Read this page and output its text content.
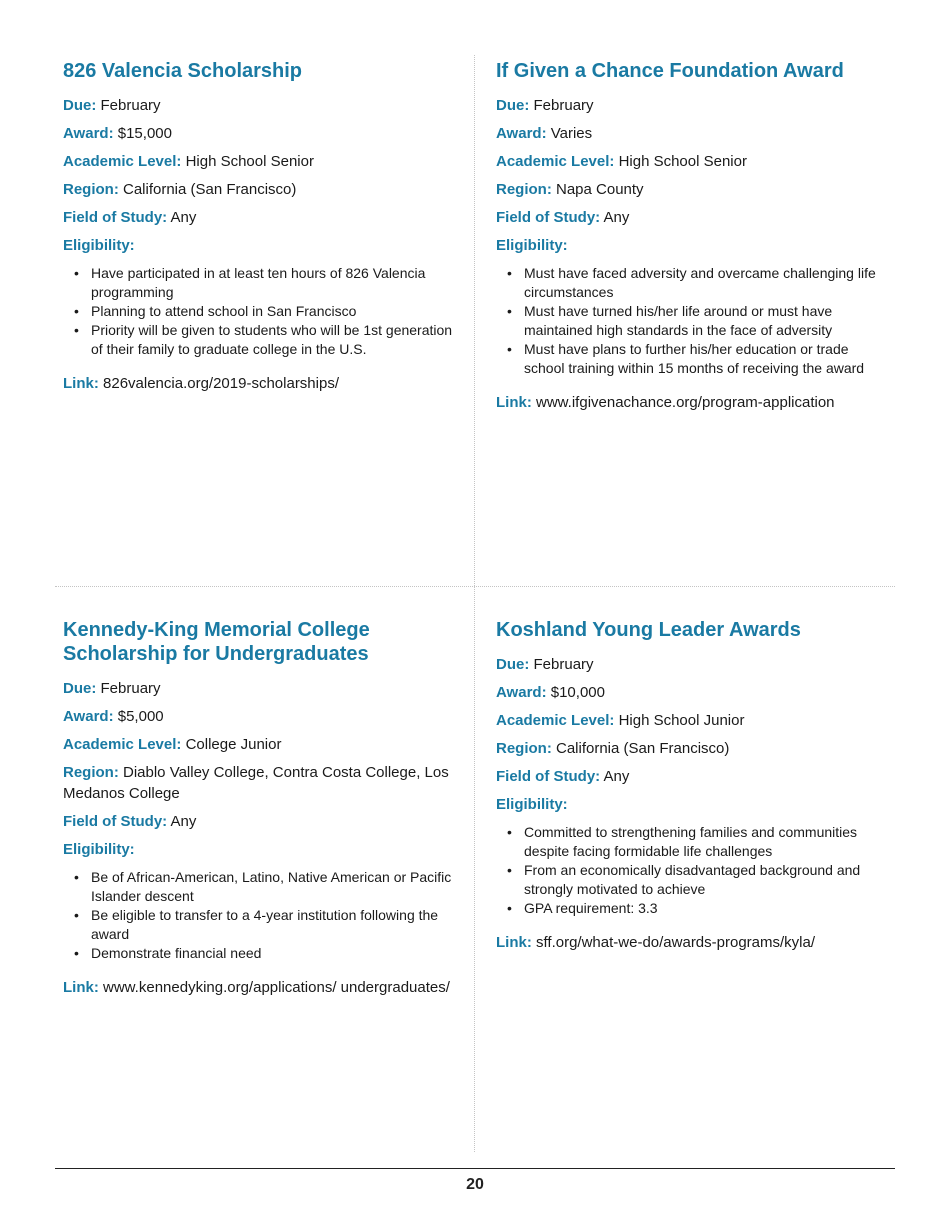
826 Valencia Scholarship

Due: February

Award: $15,000

Academic Level: High School Senior

Region: California (San Francisco)

Field of Study: Any

Eligibility:

• Have participated in at least ten hours of 826 Valencia programming
• Planning to attend school in San Francisco
• Priority will be given to students who will be 1st generation of their family to graduate college in the U.S.

Link: 826valencia.org/2019-scholarships/

If Given a Chance Foundation Award

Due: February

Award: Varies

Academic Level: High School Senior

Region: Napa County

Field of Study: Any

Eligibility:

• Must have faced adversity and overcame challenging life circumstances
• Must have turned his/her life around or must have maintained high standards in the face of adversity
• Must have plans to further his/her education or trade school training within 15 months of receiving the award

Link: www.ifgivenachance.org/program-application

Kennedy-King Memorial College Scholarship for Undergraduates

Due: February

Award: $5,000

Academic Level: College Junior

Region: Diablo Valley College, Contra Costa College, Los Medanos College

Field of Study: Any

Eligibility:

• Be of African-American, Latino, Native American or Pacific Islander descent
• Be eligible to transfer to a 4-year institution following the award
• Demonstrate financial need

Link: www.kennedyking.org/applications/ undergraduates/

Koshland Young Leader Awards

Due: February

Award: $10,000

Academic Level: High School Junior

Region: California (San Francisco)

Field of Study: Any

Eligibility:

• Committed to strengthening families and communities despite facing formidable life challenges
• From an economically disadvantaged background and strongly motivated to achieve
• GPA requirement: 3.3

Link: sff.org/what-we-do/awards-programs/kyla/

20
